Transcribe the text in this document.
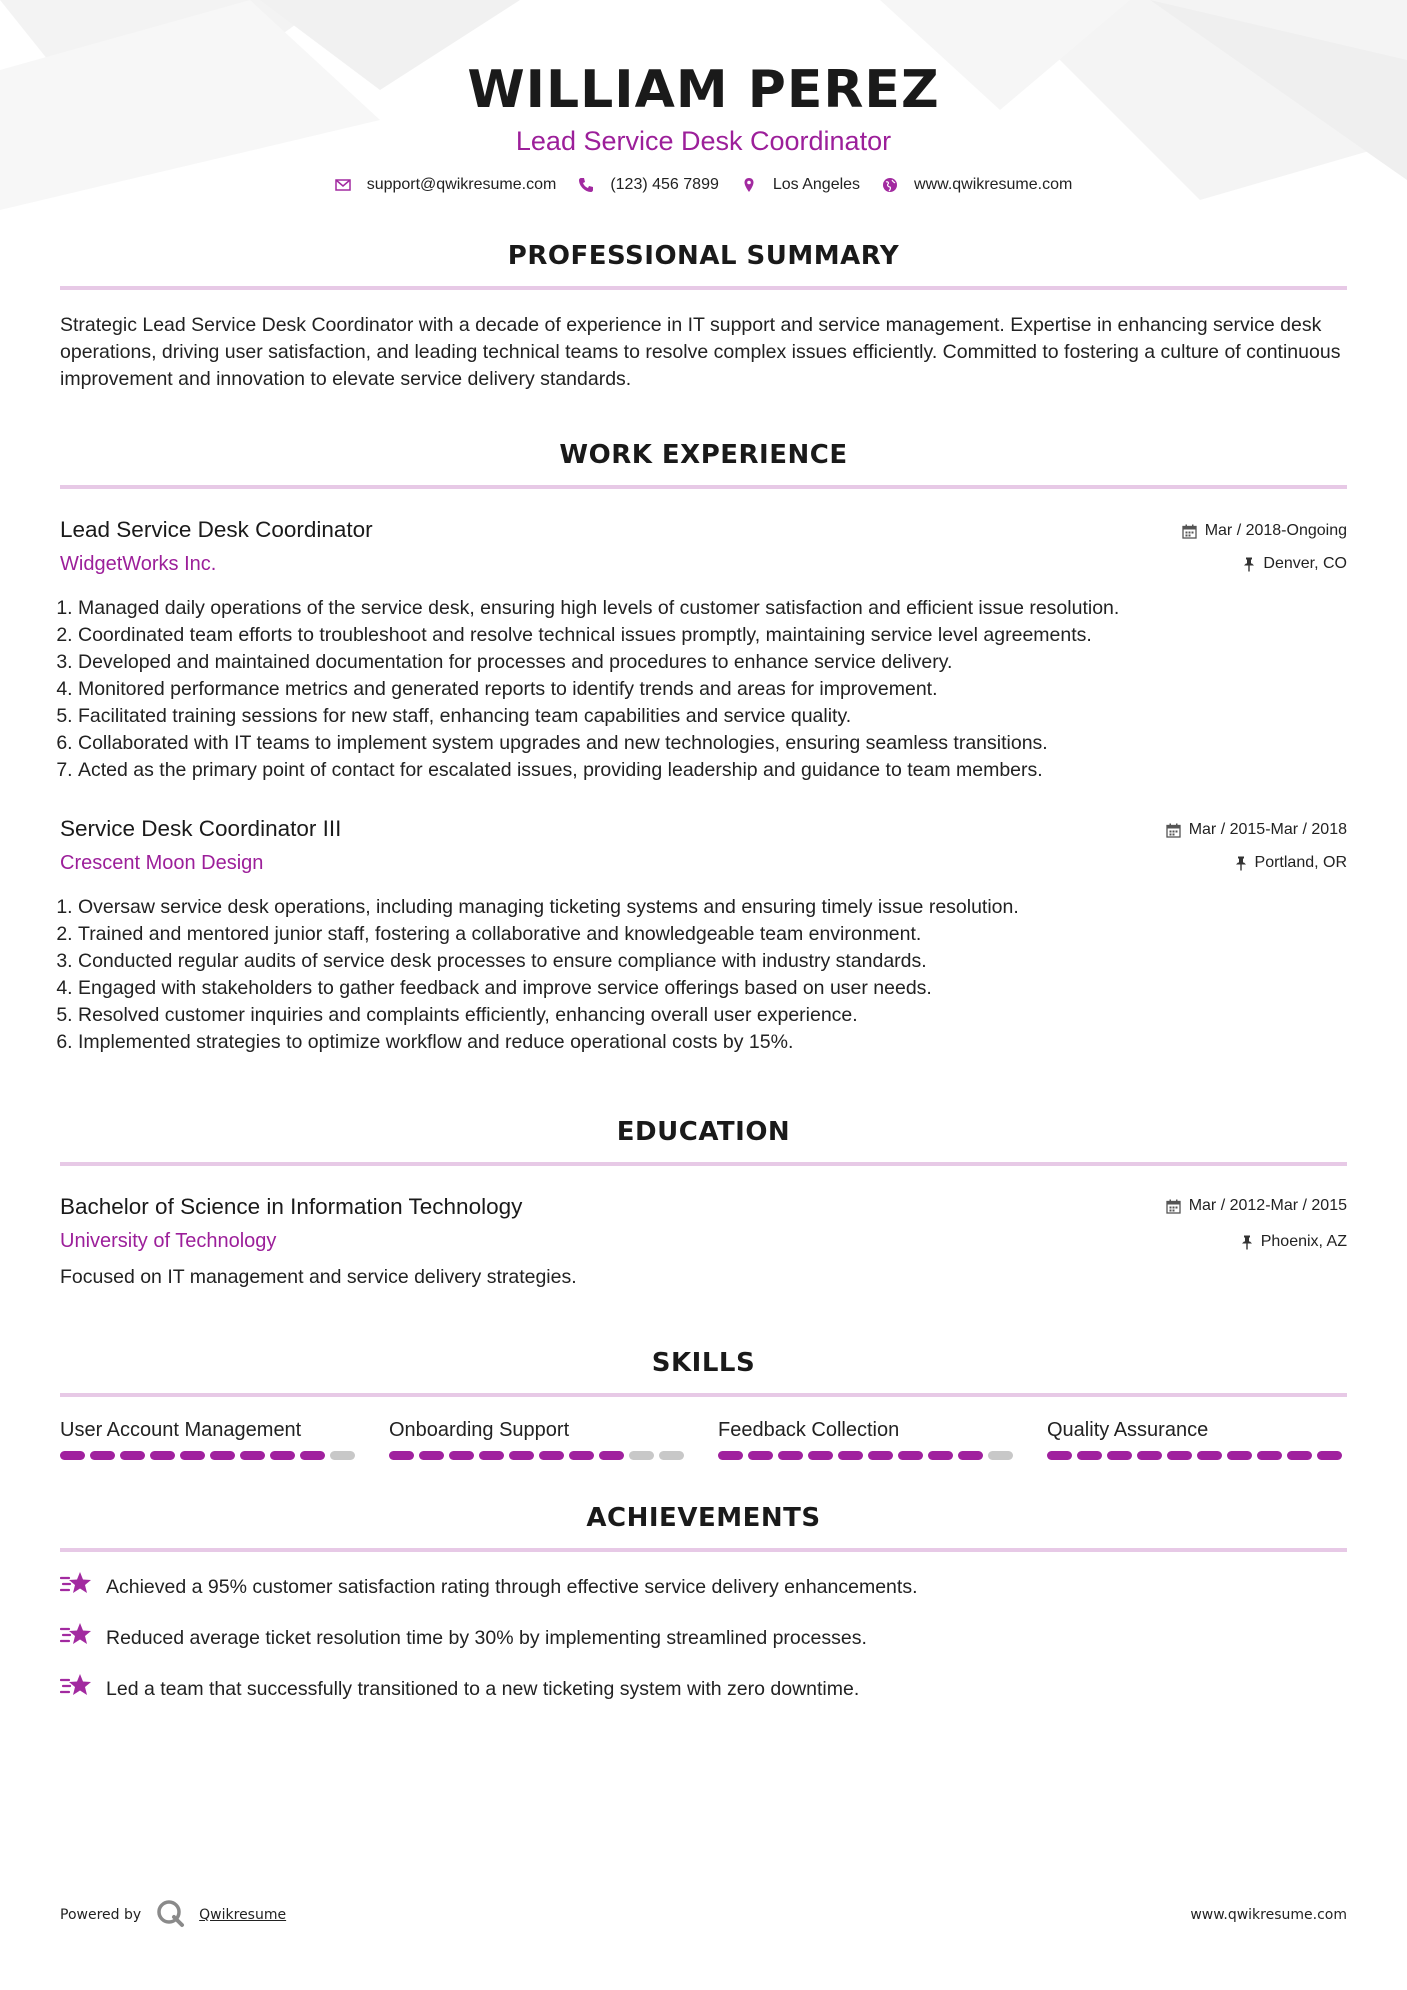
WILLIAM PEREZ
Lead Service Desk Coordinator
support@qwikresume.com	(123) 456 7899	Los Angeles	www.qwikresume.com
PROFESSIONAL SUMMARY
Strategic Lead Service Desk Coordinator with a decade of experience in IT support and service management. Expertise in enhancing service desk operations, driving user satisfaction, and leading technical teams to resolve complex issues efficiently. Committed to fostering a culture of continuous improvement and innovation to elevate service delivery standards.
WORK EXPERIENCE
Lead Service Desk Coordinator
WidgetWorks Inc.
Mar / 2018-Ongoing
Denver, CO
1. Managed daily operations of the service desk, ensuring high levels of customer satisfaction and efficient issue resolution.
2. Coordinated team efforts to troubleshoot and resolve technical issues promptly, maintaining service level agreements.
3. Developed and maintained documentation for processes and procedures to enhance service delivery.
4. Monitored performance metrics and generated reports to identify trends and areas for improvement.
5. Facilitated training sessions for new staff, enhancing team capabilities and service quality.
6. Collaborated with IT teams to implement system upgrades and new technologies, ensuring seamless transitions.
7. Acted as the primary point of contact for escalated issues, providing leadership and guidance to team members.
Service Desk Coordinator III
Crescent Moon Design
Mar / 2015-Mar / 2018
Portland, OR
1. Oversaw service desk operations, including managing ticketing systems and ensuring timely issue resolution.
2. Trained and mentored junior staff, fostering a collaborative and knowledgeable team environment.
3. Conducted regular audits of service desk processes to ensure compliance with industry standards.
4. Engaged with stakeholders to gather feedback and improve service offerings based on user needs.
5. Resolved customer inquiries and complaints efficiently, enhancing overall user experience.
6. Implemented strategies to optimize workflow and reduce operational costs by 15%.
EDUCATION
Bachelor of Science in Information Technology
University of Technology
Mar / 2012-Mar / 2015
Phoenix, AZ
Focused on IT management and service delivery strategies.
SKILLS
User Account Management	Onboarding Support	Feedback Collection	Quality Assurance
ACHIEVEMENTS
Achieved a 95% customer satisfaction rating through effective service delivery enhancements.
Reduced average ticket resolution time by 30% by implementing streamlined processes.
Led a team that successfully transitioned to a new ticketing system with zero downtime.
Powered by	Qwikresume	www.qwikresume.com
